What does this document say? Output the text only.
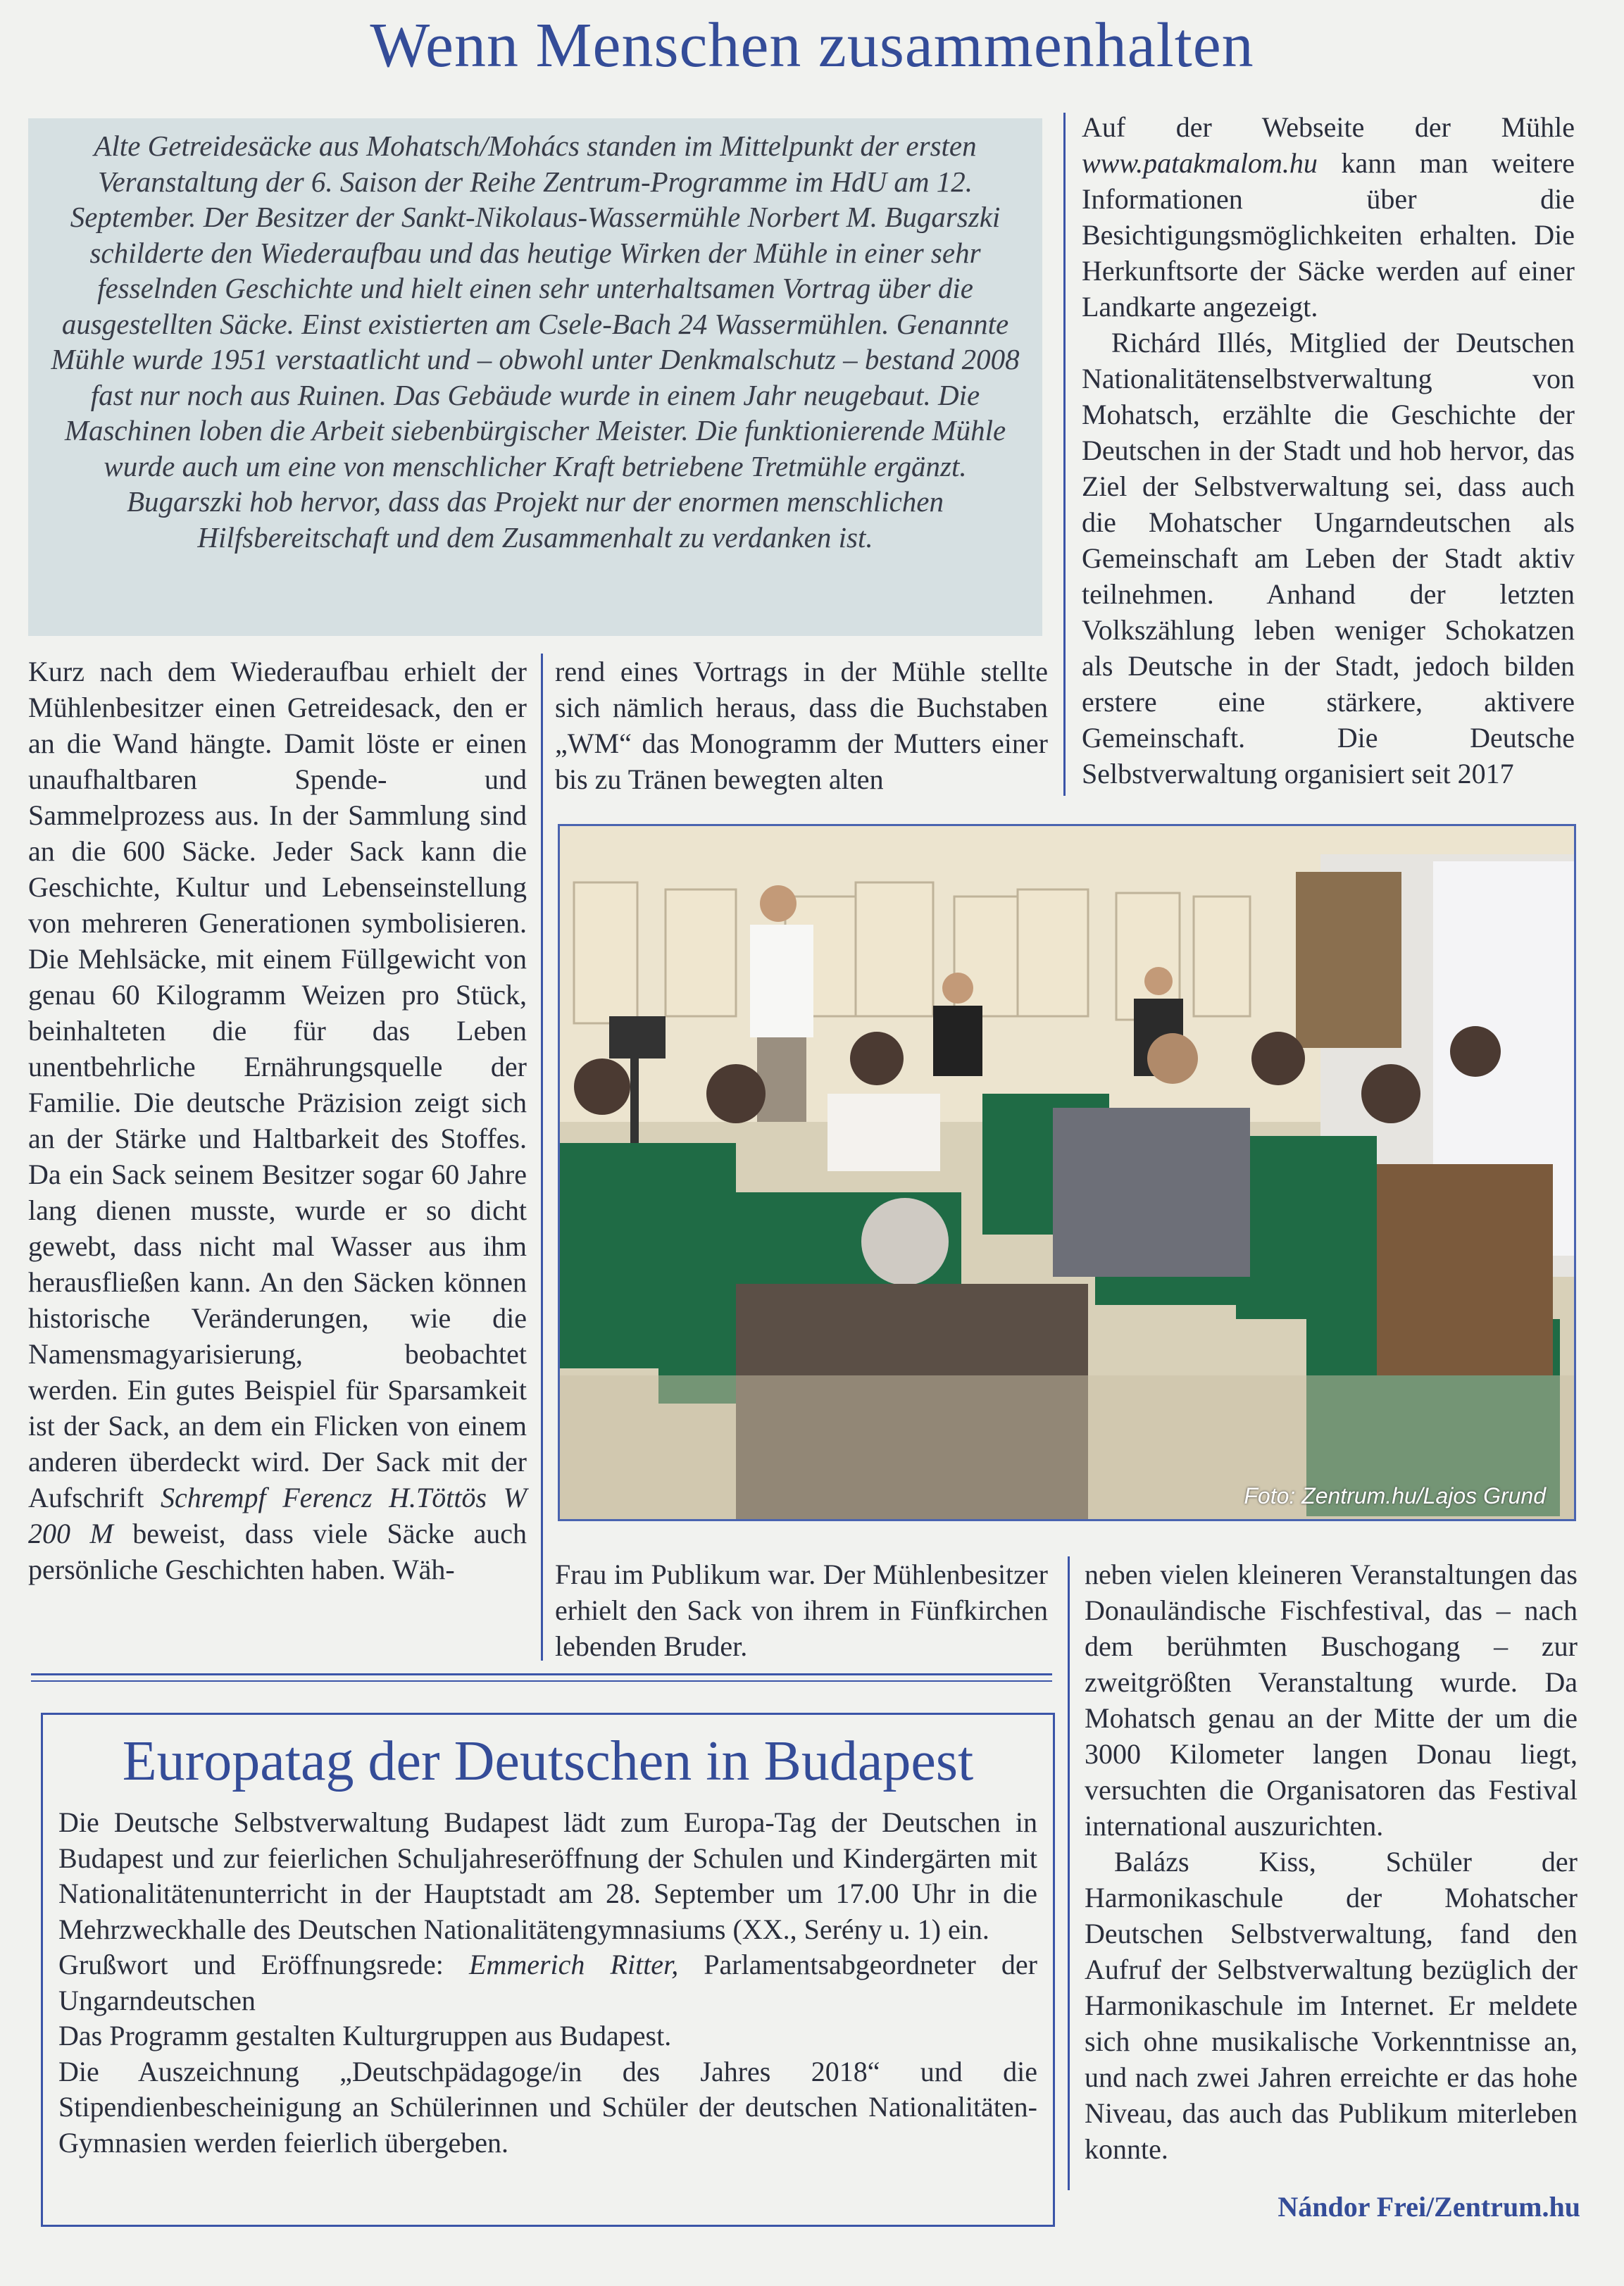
Wenn Menschen zusammenhalten
Alte Getreidesäcke aus Mohatsch/Mohács standen im Mittelpunkt der ersten Veranstaltung der 6. Saison der Reihe Zentrum-Programme im HdU am 12. September. Der Besitzer der Sankt-Nikolaus-Wassermühle Norbert M. Bugarszki schilderte den Wiederaufbau und das heutige Wirken der Mühle in einer sehr fesselnden Geschichte und hielt einen sehr unterhaltsamen Vortrag über die ausgestellten Säcke. Einst existierten am Csele-Bach 24 Wassermühlen. Genannte Mühle wurde 1951 verstaatlicht und – obwohl unter Denkmalschutz – bestand 2008 fast nur noch aus Ruinen. Das Gebäude wurde in einem Jahr neugebaut. Die Maschinen loben die Arbeit siebenbürgischer Meister. Die funktionierende Mühle wurde auch um eine von menschlicher Kraft betriebene Tretmühle ergänzt. Bugarszki hob hervor, dass das Projekt nur der enormen menschlichen Hilfsbereitschaft und dem Zusammenhalt zu verdanken ist.

Kurz nach dem Wiederaufbau erhielt der Mühlenbesitzer einen Getreidesack, den er an die Wand hängte. Damit löste er einen unaufhaltbaren Spende- und Sammelprozess aus. In der Sammlung sind an die 600 Säcke. Jeder Sack kann die Geschichte, Kultur und Lebenseinstellung von mehreren Generationen symbolisieren. Die Mehlsäcke, mit einem Füllgewicht von genau 60 Kilogramm Weizen pro Stück, beinhalteten die für das Leben unentbehrliche Ernährungsquelle der Familie. Die deutsche Präzision zeigt sich an der Stärke und Haltbarkeit des Stoffes. Da ein Sack seinem Besitzer sogar 60 Jahre lang dienen musste, wurde er so dicht gewebt, dass nicht mal Wasser aus ihm herausfließen kann. An den Säcken können historische Veränderungen, wie die Namensmagyarisierung, beobachtet werden. Ein gutes Beispiel für Sparsamkeit ist der Sack, an dem ein Flicken von einem anderen überdeckt wird. Der Sack mit der Aufschrift Schrempf Ferencz H.Töttös W 200 M beweist, dass viele Säcke auch persönliche Geschichten haben. Wäh-

rend eines Vortrags in der Mühle stellte sich nämlich heraus, dass die Buchstaben „WM“ das Monogramm der Mutters einer bis zu Tränen bewegten alten

Auf der Webseite der Mühle www.patakmalom.hu kann man weitere Informationen über die Besichtigungsmöglichkeiten erhalten. Die Herkunftsorte der Säcke werden auf einer Landkarte angezeigt.

Richárd Illés, Mitglied der Deutschen Nationalitätenselbstverwaltung von Mohatsch, erzählte die Geschichte der Deutschen in der Stadt und hob hervor, das Ziel der Selbstverwaltung sei, dass auch die Mohatscher Ungarndeutschen als Gemeinschaft am Leben der Stadt aktiv teilnehmen. Anhand der letzten Volkszählung leben weniger Schokatzen als Deutsche in der Stadt, jedoch bilden erstere eine stärkere, aktivere Gemeinschaft. Die Deutsche Selbstverwaltung organisiert seit 2017

Foto: Zentrum.hu/Lajos Grund

Frau im Publikum war. Der Mühlenbesitzer erhielt den Sack von ihrem in Fünfkirchen lebenden Bruder.

neben vielen kleineren Veranstaltungen das Donauländische Fischfestival, das – nach dem berühmten Buschogang – zur zweitgrößten Veranstaltung wurde. Da Mohatsch genau an der Mitte der um die 3000 Kilometer langen Donau liegt, versuchten die Organisatoren das Festival international auszurichten.

Balázs Kiss, Schüler der Harmonikaschule der Mohatscher Deutschen Selbstverwaltung, fand den Aufruf der Selbstverwaltung bezüglich der Harmonikaschule im Internet. Er meldete sich ohne musikalische Vorkenntnisse an, und nach zwei Jahren erreichte er das hohe Niveau, das auch das Publikum miterleben konnte.

Europatag der Deutschen in Budapest

Die Deutsche Selbstverwaltung Budapest lädt zum Europa-Tag der Deutschen in Budapest und zur feierlichen Schuljahreseröffnung der Schulen und Kindergärten mit Nationalitätenunterricht in der Hauptstadt am 28. September um 17.00 Uhr in die Mehrzweckhalle des Deutschen Nationalitätengymnasiums (XX., Serény u. 1) ein.

Grußwort und Eröffnungsrede: Emmerich Ritter, Parlamentsabgeordneter der Ungarndeutschen

Das Programm gestalten Kulturgruppen aus Budapest.

Die Auszeichnung „Deutschpädagoge/in des Jahres 2018“ und die Stipendienbescheinigung an Schülerinnen und Schüler der deutschen Nationalitäten-Gymnasien werden feierlich übergeben.

Nándor Frei/Zentrum.hu
